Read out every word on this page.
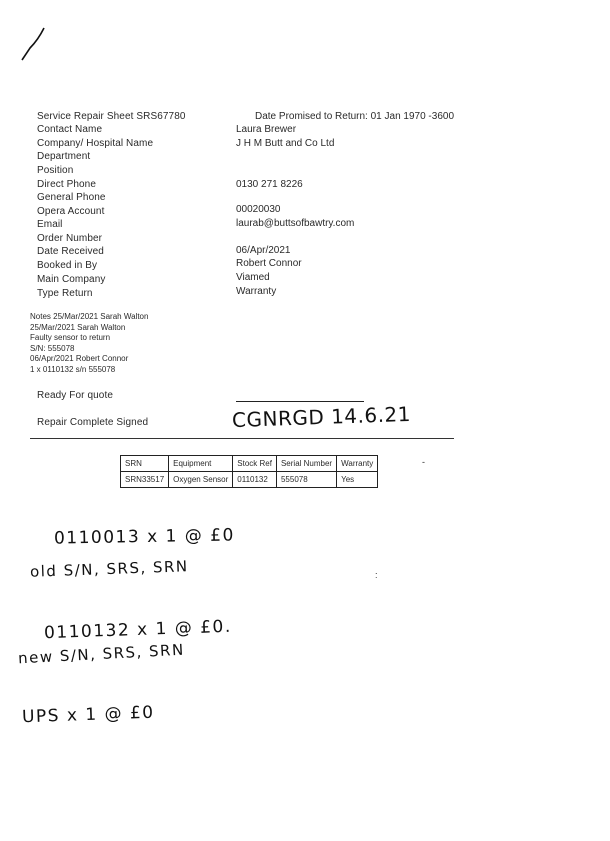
Service Repair Sheet SRS67780	Date Promised to Return: 01 Jan 1970 -3600
Contact Name	Laura Brewer
Company/ Hospital Name	J H M Butt and Co Ltd
Department
Position
Direct Phone	0130 271 8226
General Phone
Opera Account	00020030
Email	laurab@buttsofbawtry.com
Order Number
Date Received	06/Apr/2021
Booked in By	Robert Connor
Main Company	Viamed
Type Return	Warranty
Notes 25/Mar/2021 Sarah Walton
25/Mar/2021 Sarah Walton
Faulty sensor to return
S/N: 555078
06/Apr/2021 Robert Connor
1 x 0110132 s/n 555078
Ready For quote
Repair Complete Signed	CGNRGD 14.6.21
SRN	Equipment	Stock Ref	Serial Number	Warranty
SRN33517	Oxygen Sensor	0110132	555078	Yes
-
0110013 x 1 @ £0
old S/N, SRS, SRN	:
0110132 x 1 @ £0.
new S/N, SRS, SRN
UPS x 1 @ £0
